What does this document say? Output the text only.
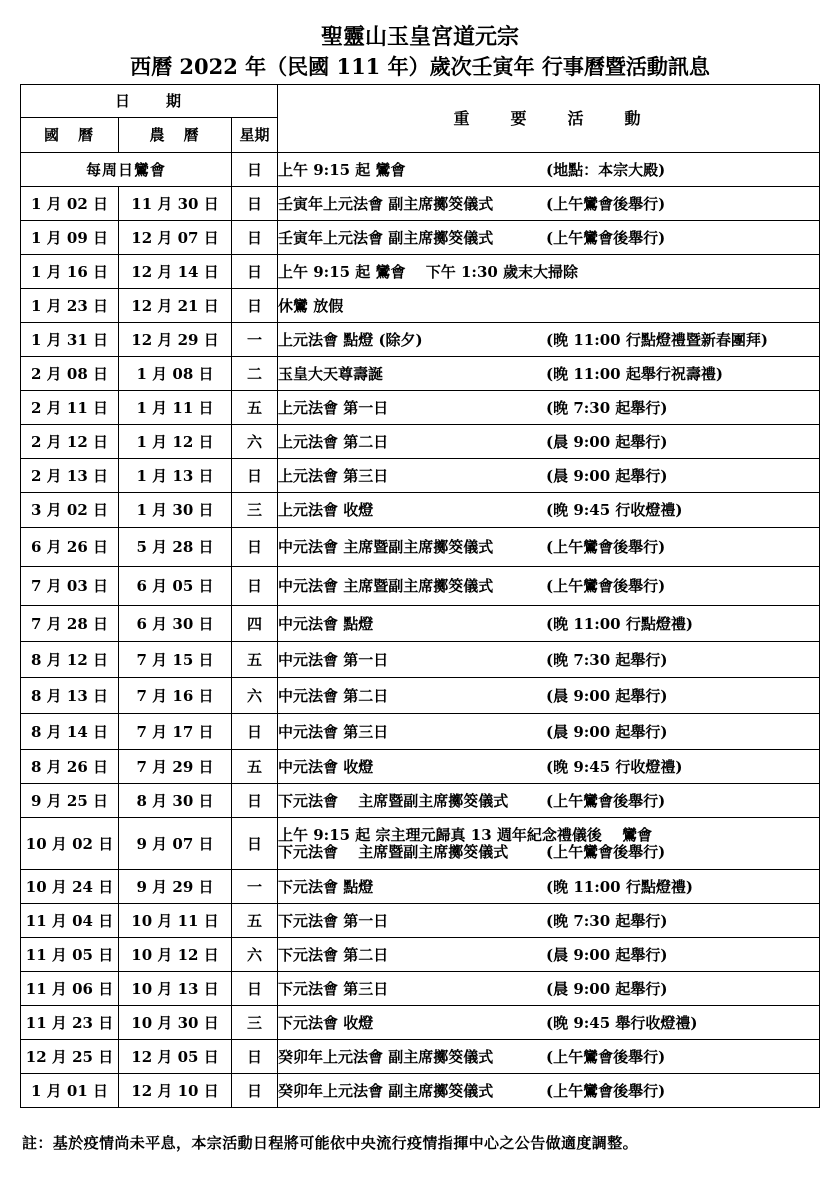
聖靈山玉皇宮道元宗
西曆 2022 年（民國 111 年）歲次壬寅年 行事曆暨活動訊息
日　　期			重　　要　　活　　動
國　曆	農　曆	星期	
每周日鸞會		日	上午 9:15 起 鸞會 (地點：本宗大殿)
1 月 02 日	11 月 30 日	日	壬寅年上元法會 副主席擲筊儀式 (上午鸞會後舉行)
1 月 09 日	12 月 07 日	日	壬寅年上元法會 副主席擲筊儀式 (上午鸞會後舉行)
1 月 16 日	12 月 14 日	日	上午 9:15 起 鸞會　 下午 1:30 歲末大掃除
1 月 23 日	12 月 21 日	日	休鸞 放假
1 月 31 日	12 月 29 日	一	上元法會 點燈 (除夕) (晚 11:00 行點燈禮暨新春團拜)
2 月 08 日	1 月 08 日	二	玉皇大天尊壽誕 (晚 11:00 起舉行祝壽禮)
2 月 11 日	1 月 11 日	五	上元法會 第一日 (晚 7:30 起舉行)
2 月 12 日	1 月 12 日	六	上元法會 第二日 (晨 9:00 起舉行)
2 月 13 日	1 月 13 日	日	上元法會 第三日 (晨 9:00 起舉行)
3 月 02 日	1 月 30 日	三	上元法會 收燈 (晚 9:45 行收燈禮)
6 月 26 日	5 月 28 日	日	中元法會 主席暨副主席擲筊儀式 (上午鸞會後舉行)
7 月 03 日	6 月 05 日	日	中元法會 主席暨副主席擲筊儀式 (上午鸞會後舉行)
7 月 28 日	6 月 30 日	四	中元法會 點燈 (晚 11:00 行點燈禮)
8 月 12 日	7 月 15 日	五	中元法會 第一日 (晚 7:30 起舉行)
8 月 13 日	7 月 16 日	六	中元法會 第二日 (晨 9:00 起舉行)
8 月 14 日	7 月 17 日	日	中元法會 第三日 (晨 9:00 起舉行)
8 月 26 日	7 月 29 日	五	中元法會 收燈 (晚 9:45 行收燈禮)
9 月 25 日	8 月 30 日	日	下元法會　 主席暨副主席擲筊儀式 (上午鸞會後舉行)
10 月 02 日	9 月 07 日	日	上午 9:15 起 宗主理元歸真 13 週年紀念禮儀後　 鸞會
下元法會　 主席暨副主席擲筊儀式 (上午鸞會後舉行)

10 月 24 日	9 月 29 日	一	下元法會 點燈 (晚 11:00 行點燈禮)
11 月 04 日	10 月 11 日	五	下元法會 第一日 (晚 7:30 起舉行)
11 月 05 日	10 月 12 日	六	下元法會 第二日 (晨 9:00 起舉行)
11 月 06 日	10 月 13 日	日	下元法會 第三日 (晨 9:00 起舉行)
11 月 23 日	10 月 30 日	三	下元法會 收燈 (晚 9:45 舉行收燈禮)
12 月 25 日	12 月 05 日	日	癸卯年上元法會 副主席擲筊儀式 (上午鸞會後舉行)
1 月 01 日	12 月 10 日	日	癸卯年上元法會 副主席擲筊儀式 (上午鸞會後舉行)
註：基於疫情尚未平息，本宗活動日程將可能依中央流行疫情指揮中心之公告做適度調整。
